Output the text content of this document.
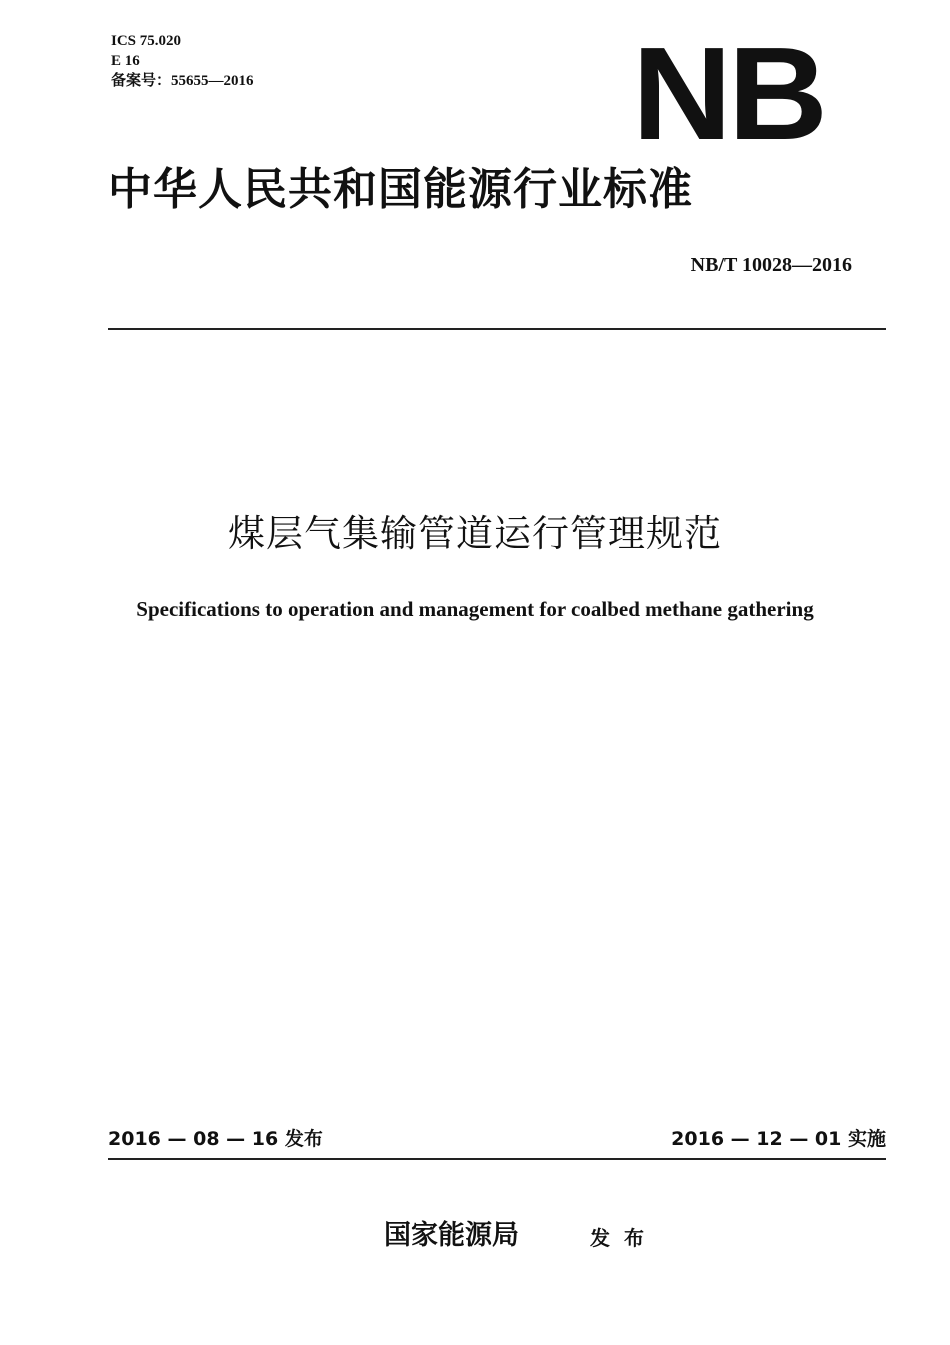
ICS 75.020
E 16
备案号：55655—2016	NB
中华人民共和国能源行业标准
NB/T 10028—2016
煤层气集输管道运行管理规范
Specifications to operation and management for coalbed methane gathering
2016 — 08 — 16 发布	2016 — 12 — 01 实施
国家能源局	发布
